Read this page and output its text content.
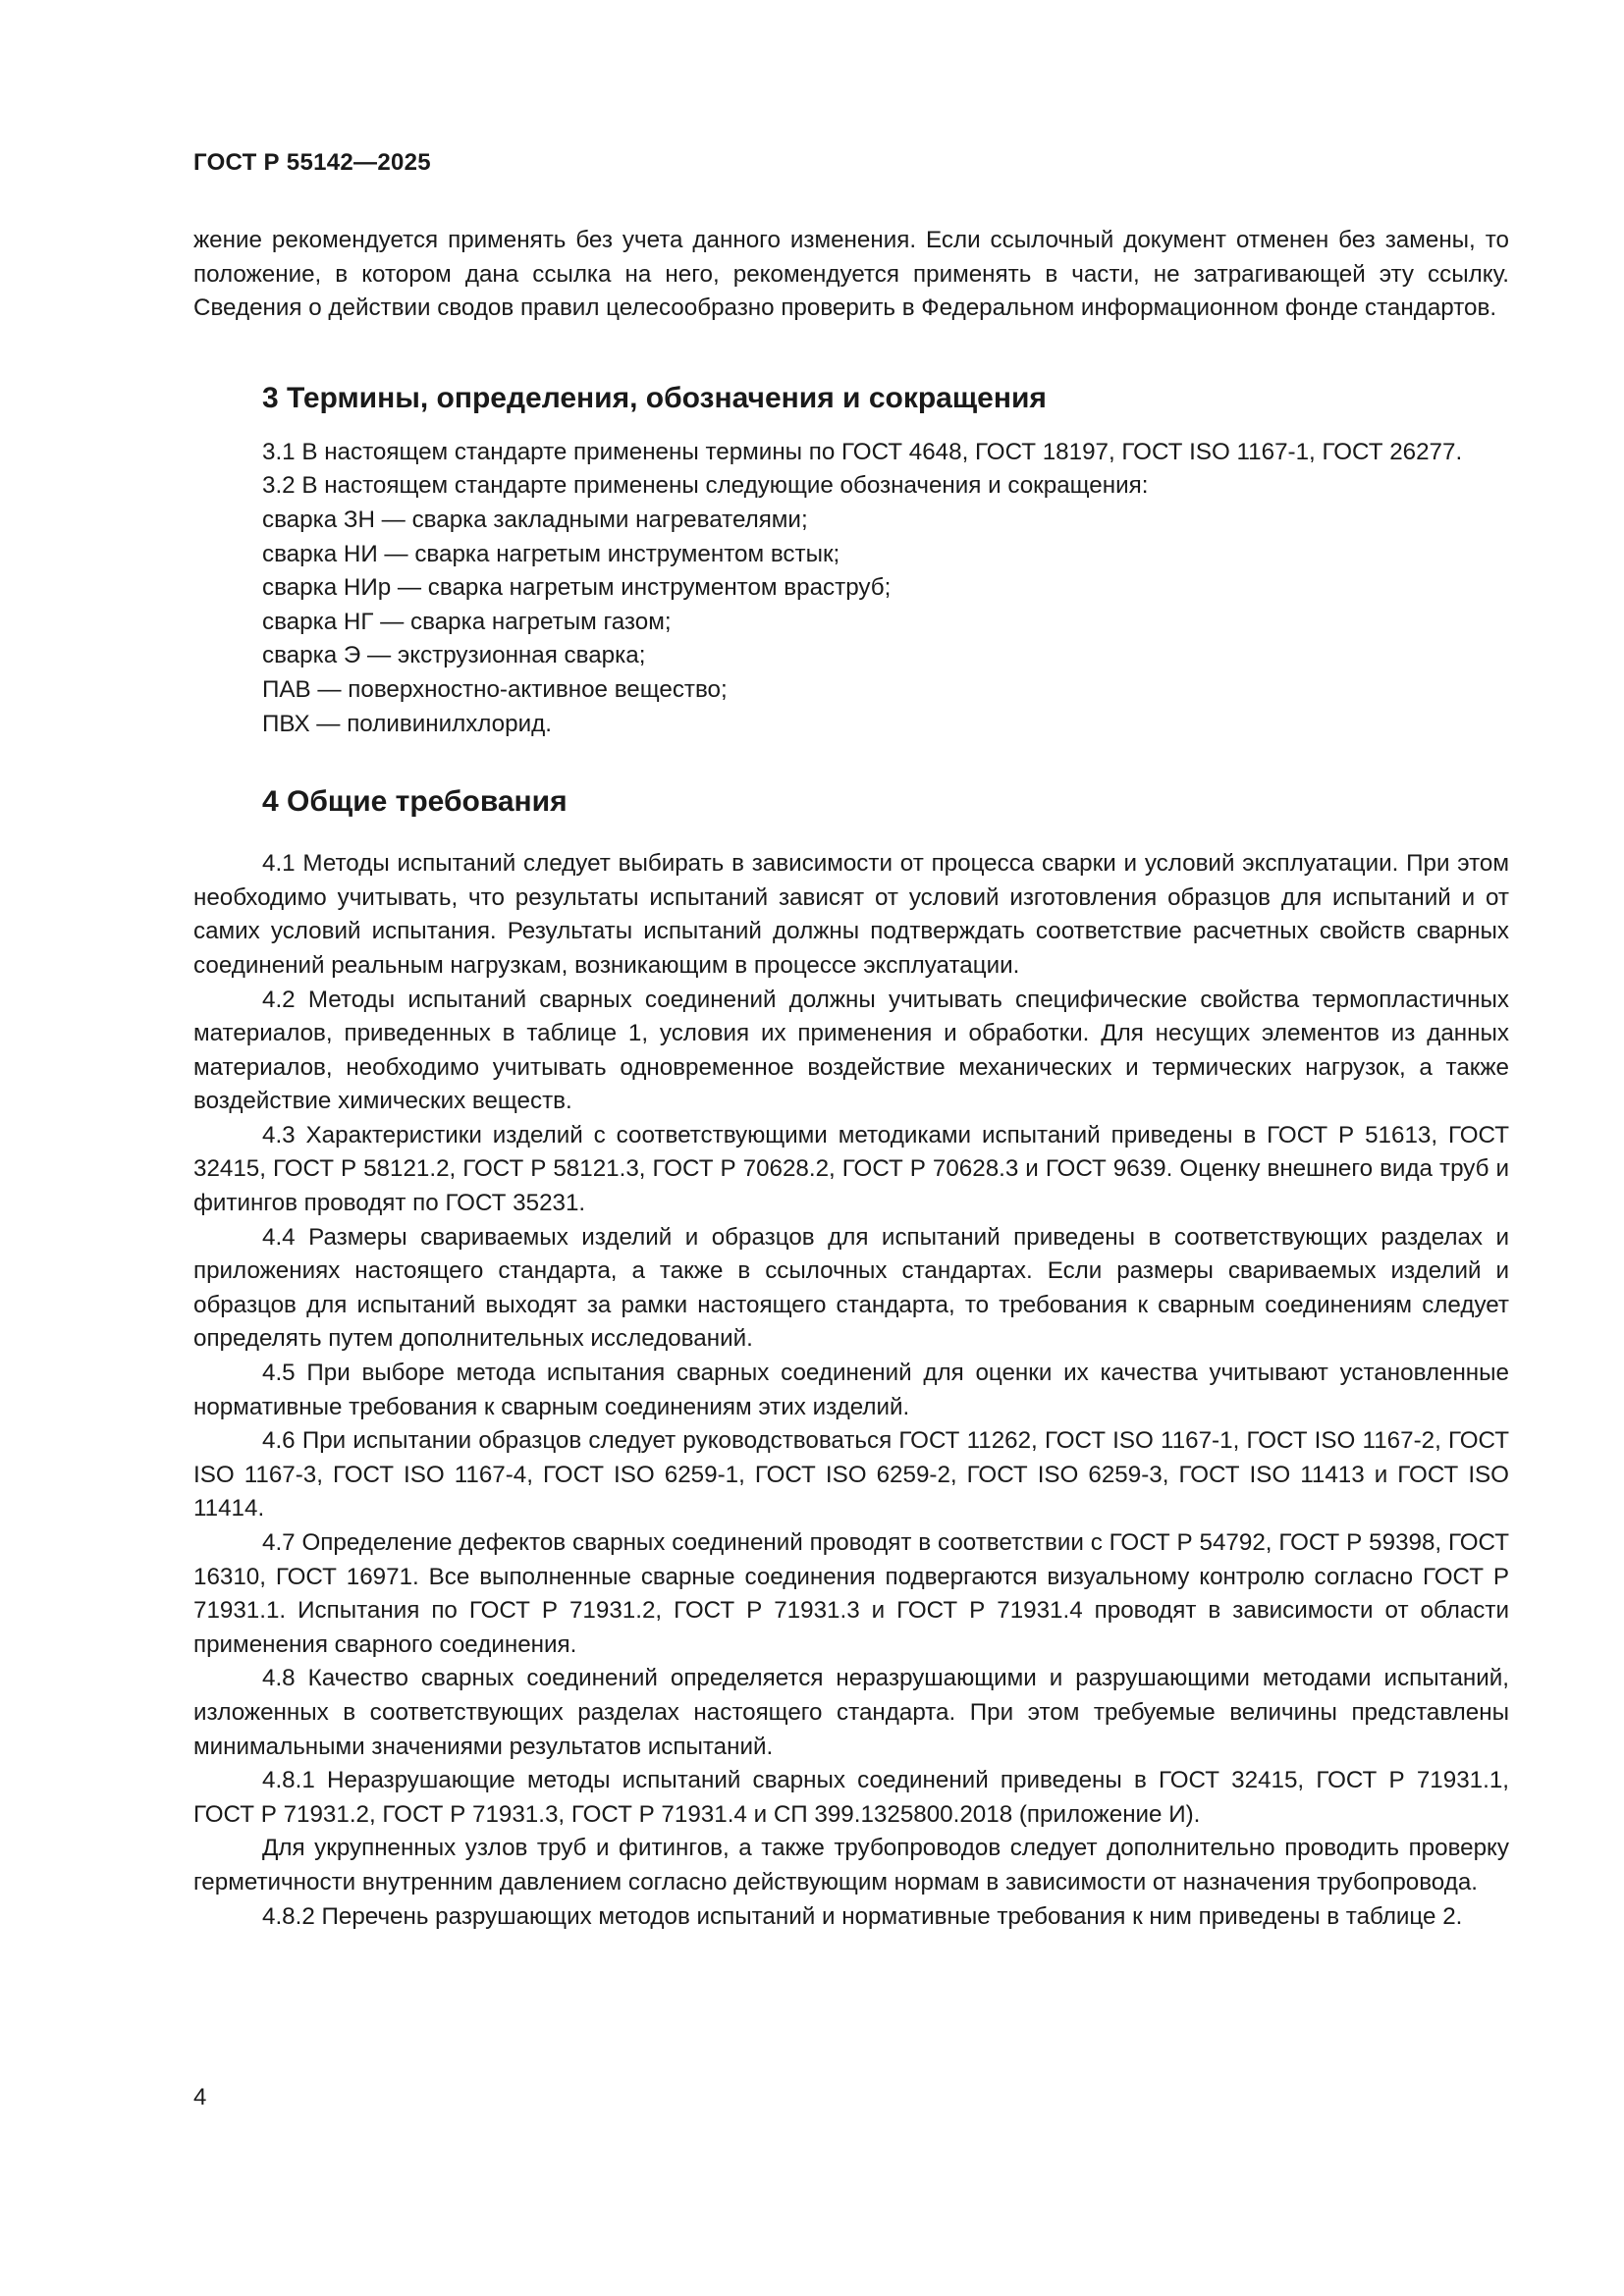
ГОСТ Р 55142—2025

жение рекомендуется применять без учета данного изменения. Если ссылочный документ отменен без замены, то положение, в котором дана ссылка на него, рекомендуется применять в части, не затрагивающей эту ссылку. Сведения о действии сводов правил целесообразно проверить в Федеральном информационном фонде стандартов.

3 Термины, определения, обозначения и сокращения

3.1 В настоящем стандарте применены термины по ГОСТ 4648, ГОСТ 18197, ГОСТ ISO 1167-1, ГОСТ 26277.

3.2 В настоящем стандарте применены следующие обозначения и сокращения:

сварка ЗН — сварка закладными нагревателями;

сварка НИ — сварка нагретым инструментом встык;

сварка НИр — сварка нагретым инструментом враструб;

сварка НГ — сварка нагретым газом;

сварка Э — экструзионная сварка;

ПАВ — поверхностно-активное вещество;

ПВХ — поливинилхлорид.

4 Общие требования

4.1 Методы испытаний следует выбирать в зависимости от процесса сварки и условий эксплуатации. При этом необходимо учитывать, что результаты испытаний зависят от условий изготовления образцов для испытаний и от самих условий испытания. Результаты испытаний должны подтверждать соответствие расчетных свойств сварных соединений реальным нагрузкам, возникающим в процессе эксплуатации.

4.2 Методы испытаний сварных соединений должны учитывать специфические свойства термопластичных материалов, приведенных в таблице 1, условия их применения и обработки. Для несущих элементов из данных материалов, необходимо учитывать одновременное воздействие механических и термических нагрузок, а также воздействие химических веществ.

4.3 Характеристики изделий с соответствующими методиками испытаний приведены в ГОСТ Р 51613, ГОСТ 32415, ГОСТ Р 58121.2, ГОСТ Р 58121.3, ГОСТ Р 70628.2, ГОСТ Р 70628.3 и ГОСТ 9639. Оценку внешнего вида труб и фитингов проводят по ГОСТ 35231.

4.4 Размеры свариваемых изделий и образцов для испытаний приведены в соответствующих разделах и приложениях настоящего стандарта, а также в ссылочных стандартах. Если размеры свариваемых изделий и образцов для испытаний выходят за рамки настоящего стандарта, то требования к сварным соединениям следует определять путем дополнительных исследований.

4.5 При выборе метода испытания сварных соединений для оценки их качества учитывают установленные нормативные требования к сварным соединениям этих изделий.

4.6 При испытании образцов следует руководствоваться ГОСТ 11262, ГОСТ ISO 1167-1, ГОСТ ISO 1167-2, ГОСТ ISO 1167-3, ГОСТ ISO 1167-4, ГОСТ ISO 6259-1, ГОСТ ISO 6259-2, ГОСТ ISO 6259-3, ГОСТ ISO 11413 и ГОСТ ISO 11414.

4.7 Определение дефектов сварных соединений проводят в соответствии с ГОСТ Р 54792, ГОСТ Р 59398, ГОСТ 16310, ГОСТ 16971. Все выполненные сварные соединения подвергаются визуальному контролю согласно ГОСТ Р 71931.1. Испытания по ГОСТ Р 71931.2, ГОСТ Р 71931.3 и ГОСТ Р 71931.4 проводят в зависимости от области применения сварного соединения.

4.8 Качество сварных соединений определяется неразрушающими и разрушающими методами испытаний, изложенных в соответствующих разделах настоящего стандарта. При этом требуемые величины представлены минимальными значениями результатов испытаний.

4.8.1 Неразрушающие методы испытаний сварных соединений приведены в ГОСТ 32415, ГОСТ Р 71931.1, ГОСТ Р 71931.2, ГОСТ Р 71931.3, ГОСТ Р 71931.4 и СП 399.1325800.2018 (приложение И).

Для укрупненных узлов труб и фитингов, а также трубопроводов следует дополнительно проводить проверку герметичности внутренним давлением согласно действующим нормам в зависимости от назначения трубопровода.

4.8.2 Перечень разрушающих методов испытаний и нормативные требования к ним приведены в таблице 2.

4
